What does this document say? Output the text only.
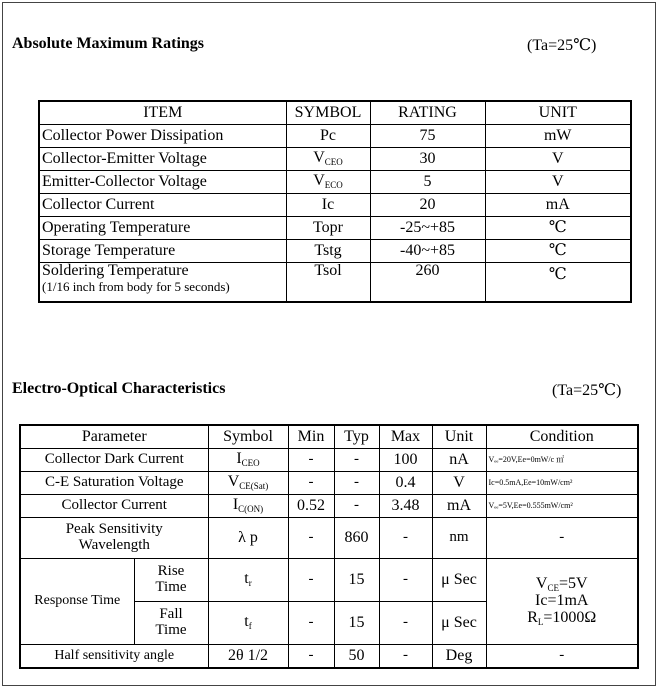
Absolute Maximum Ratings	(Ta=25℃)
ITEM	SYMBOL	RATING	UNIT
Collector Power Dissipation	Pc	75	mW
Collector-Emitter Voltage	$V_{CEO}$	30	V
Emitter-Collector Voltage	$V_{ECO}$	5	V
Collector Current	Ic	20	mA
Operating Temperature	Topr	-25~+85	℃
Storage Temperature	Tstg	-40~+85	℃

Soldering Temperature
(1/16 inch from body for 5 seconds)	Tsol	260	℃
Electro-Optical Characteristics	(Ta=25℃)
Parameter		Symbol	Min	Typ	Max	Unit	Condition
Collector Dark Current		$I_{CEO}$	-	-	100	nA	Vₑₑ=20V,Ee=0mW/c ㎡
C-E Saturation Voltage		$V_{CE(Sat)}$	-	-	0.4	V	Ic=0.5mA,Ee=10mW/cm²
Collector Current		$I_{C(ON)}$	0.52	-	3.48	mA	Vₑₑ=5V,Ee=0.555mW/cm²
Peak Sensitivity Wavelength		λ p	-	860	-	nm	-
Response Time	Rise Time	$t_r$	-	15	-	μ Sec	$V_{CE}=5V$
Ic=1mA
$R_L=1000\Omega$

	Fall Time	$t_f$	-	15	-	μ Sec	
Half sensitivity angle		2θ 1/2	-	50	-	Deg	-
